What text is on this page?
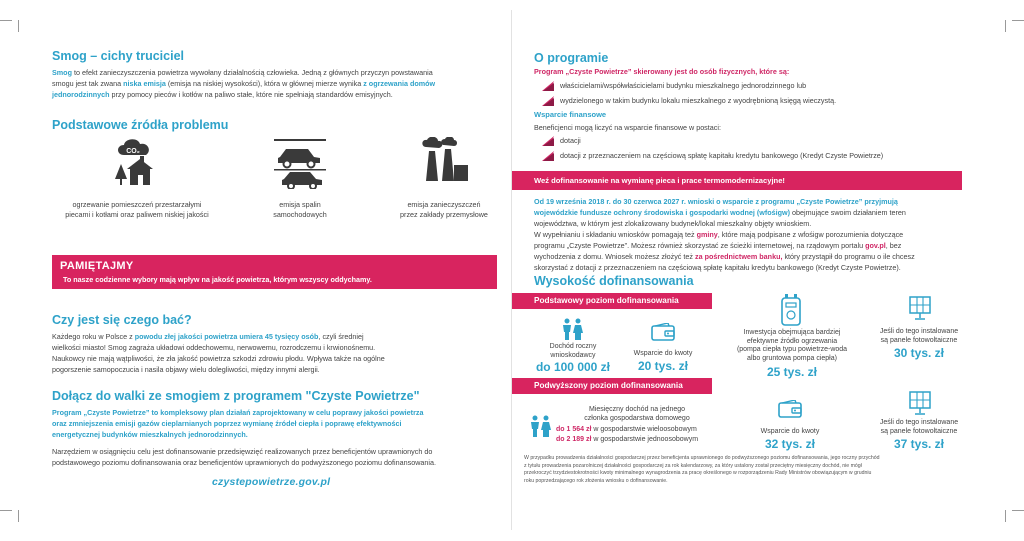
Smog – cichy truciciel
Smog to efekt zanieczyszczenia powietrza wywołany działalnością człowieka. Jedną z głównych przyczyn powstawania
smogu jest tak zwana niska emisja (emisja na niskiej wysokości), która w głównej mierze wynika z ogrzewania domów
jednorodzinnych przy pomocy pieców i kotłów na paliwo stałe, które nie spełniają standardów emisyjnych.
Podstawowe źródła problemu
CO₂
ogrzewanie pomieszczeń przestarzałymi
piecami i kotłami oraz paliwem niskiej jakości
emisja spalin
samochodowych
emisja zanieczyszczeń
przez zakłady przemysłowe
PAMIĘTAJMY
To nasze codzienne wybory mają wpływ na jakość powietrza, którym wszyscy oddychamy.
Czy jest się czego bać?
Każdego roku w Polsce z powodu złej jakości powietrza umiera 45 tysięcy osób, czyli średniej
wielkości miasto! Smog zagraża układowi oddechowemu, nerwowemu, rozrodczemu i krwionośnemu.
Naukowcy nie mają wątpliwości, że zła jakość powietrza szkodzi zdrowiu płodu. Wpływa także na ogólne
pogorszenie samopoczucia i nasila objawy wielu dolegliwości, między innymi alergii.
Dołącz do walki ze smogiem z programem "Czyste Powietrze"
Program „Czyste Powietrze” to kompleksowy plan działań zaprojektowany w celu poprawy jakości powietrza
oraz zmniejszenia emisji gazów cieplarnianych poprzez wymianę źródeł ciepła i poprawę efektywności
energetycznej budynków mieszkalnych jednorodzinnych.
Narzędziem w osiągnięciu celu jest dofinansowanie przedsięwzięć realizowanych przez beneficjentów uprawnionych do
podstawowego poziomu dofinansowania oraz beneficjentów uprawnionych do podwyższonego poziomu dofinansowania.
czystepowietrze.gov.pl
O programie
Program „Czyste Powietrze” skierowany jest do osób fizycznych, które są:
właścicielami/współwłaścicielami budynku mieszkalnego jednorodzinnego lub
wydzielonego w takim budynku lokalu mieszkalnego z wyodrębnioną księgą wieczystą.
Wsparcie finansowe
Beneficjenci mogą liczyć na wsparcie finansowe w postaci:
dotacji
dotacji z przeznaczeniem na częściową spłatę kapitału kredytu bankowego (Kredyt Czyste Powietrze)
Weź dofinansowanie na wymianę pieca i prace termomodernizacyjne!
Od 19 września 2018 r. do 30 czerwca 2027 r. wnioski o wsparcie z programu „Czyste Powietrze” przyjmują
wojewódzkie fundusze ochrony środowiska i gospodarki wodnej (wfośigw) obejmujące swoim działaniem teren
województwa, w którym jest zlokalizowany budynek/lokal mieszkalny objęty wnioskiem.
W wypełnianiu i składaniu wniosków pomagają też gminy, które mają podpisane z wfośigw porozumienia dotyczące
programu „Czyste Powietrze”. Możesz również skorzystać ze ścieżki internetowej, na rządowym portalu gov.pl, bez
wychodzenia z domu. Wniosek możesz złożyć też za pośrednictwem banku, który przystąpił do programu o ile chcesz
skorzystać z dotacji z przeznaczeniem na częściową spłatę kapitału kredytu bankowego (Kredyt Czyste Powietrze).
Wysokość dofinansowania
Podstawowy poziom dofinansowania
Dochód roczny
wnioskodawcy
do 100 000 zł
Wsparcie do kwoty
20 tys. zł
Inwestycja obejmująca bardziej
efektywne źródło ogrzewania
(pompa ciepła typu powietrze-woda
albo gruntowa pompa ciepła)
25 tys. zł
Jeśli do tego instalowane
są panele fotowoltaiczne
30 tys. zł
Podwyższony poziom dofinansowania
Miesięczny dochód na jednego
członka gospodarstwa domowego
do 1 564 zł w gospodarstwie wieloosobowym
do 2 189 zł w gospodarstwie jednoosobowym
Wsparcie do kwoty
32 tys. zł
Jeśli do tego instalowane
są panele fotowoltaiczne
37 tys. zł
W przypadku prowadzenia działalności gospodarczej przez beneficjenta uprawnionego do podwyższonego poziomu dofinansowania, jego roczny przychód
z tytułu prowadzenia pozarolniczej działalności gospodarczej za rok kalendarzowy, za który ustalony został przeciętny miesięczny dochód, nie mógł
przekroczyć trzydziestokrotności kwoty minimalnego wynagrodzenia za pracę określonego w rozporządzeniu Rady Ministrów obowiązującym w grudniu
roku poprzedzającego rok złożenia wniosku o dofinansowanie.
